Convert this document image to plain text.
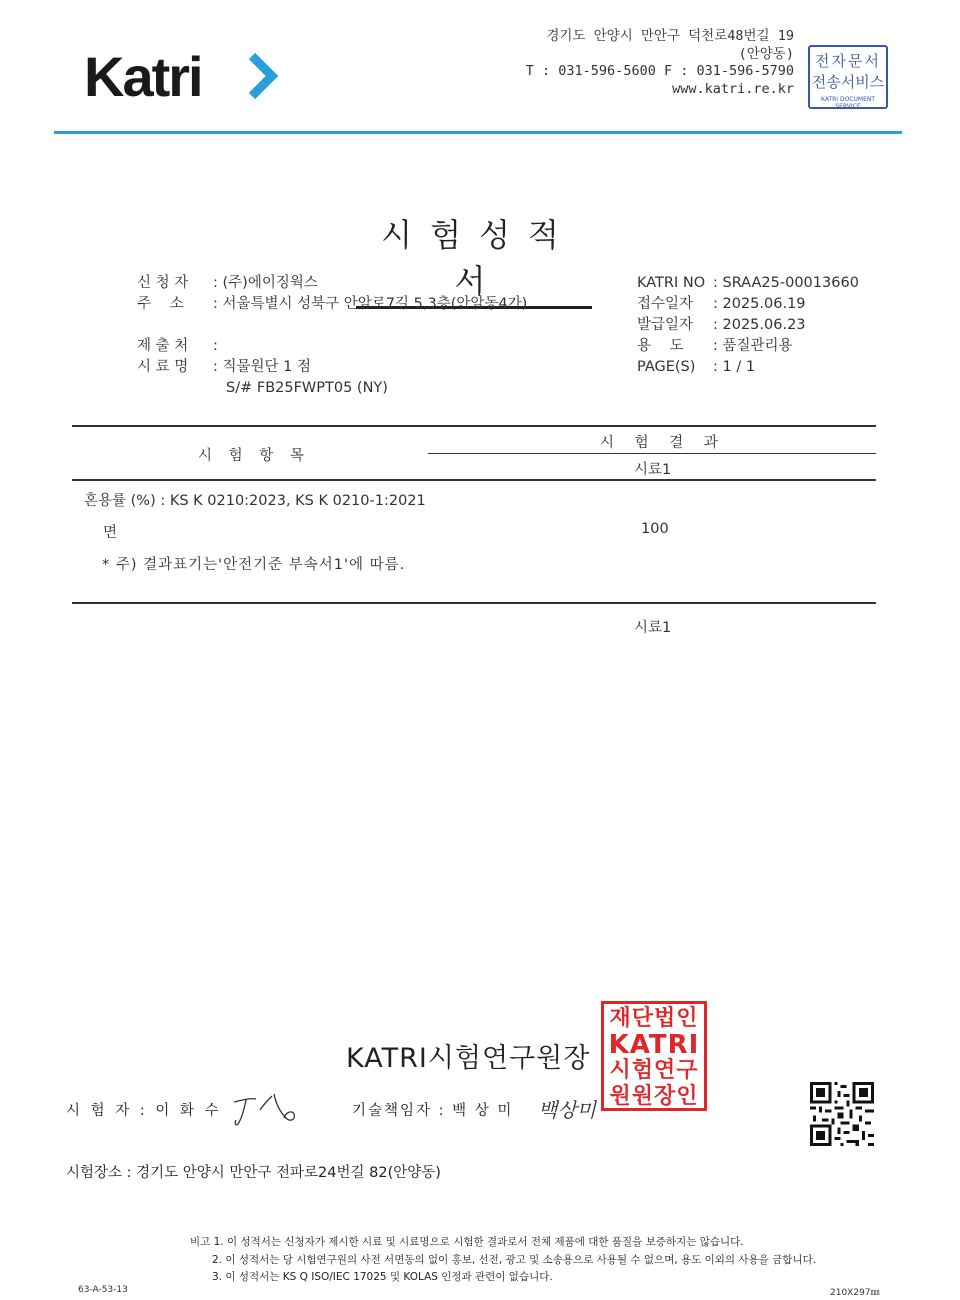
Katri
경기도 안양시 만안구 덕천로48번길 19
(안양동)
T : 031-596-5600 F : 031-596-5790
www.katri.re.kr
전자문서
전송서비스
KATRI DOCUMENT SERVICE
시험성적서
신 청 자 : (주)에이징웍스
주    소 : 서울특별시 성북구 안암로7길 5,3층(안암동4가)
제 출 처 :
시 료 명 : 직물원단 1 점
S/# FB25FWPT05 (NY)
KATRI NO : SRAA25-00013660
접수일자 : 2025.06.19
발급일자 : 2025.06.23
용    도 : 품질관리용
PAGE(S) : 1 / 1
시 험 항 목
시 험 결 과
시료1
혼용률 (%) : KS K 0210:2023, KS K 0210-1:2021
면	100
* 주) 결과표기는'안전기준 부속서1'에 따름.
시료1
KATRI시험연구원장
재단법인
KATRI
시험연구
원원장인
시 험 자 : 이 화 수	기술책임자 : 백 상 미 백상미
시험장소 : 경기도 안양시 만안구 전파로24번길 82(안양동)
비고 1. 이 성적서는 신청자가 제시한 시료 및 시료명으로 시험한 결과로서 전체 제품에 대한 품질을 보증하지는 않습니다.
2. 이 성적서는 당 시험연구원의 사전 서면동의 없이 홍보, 선전, 광고 및 소송용으로 사용될 수 없으며, 용도 이외의 사용을 금합니다.
3. 이 성적서는 KS Q ISO/IEC 17025 및 KOLAS 인정과 관련이 없습니다.
63-A-53-13	210X297㎜
